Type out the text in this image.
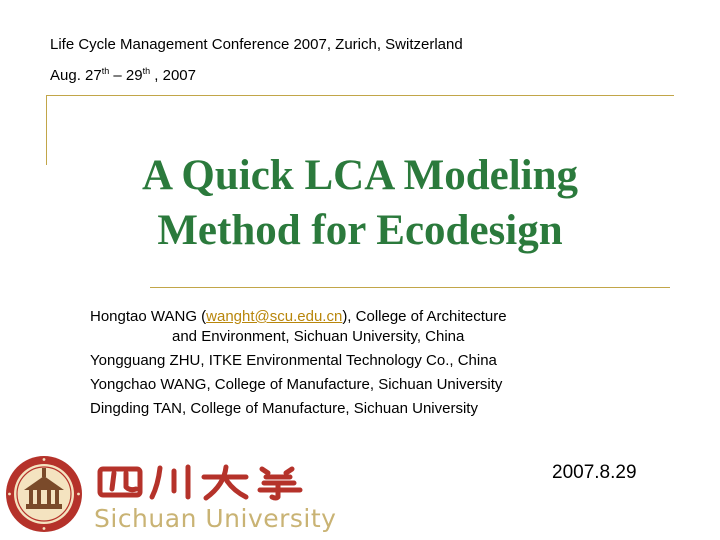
Life Cycle Management Conference 2007, Zurich, Switzerland
Aug. 27th – 29th , 2007
A Quick LCA Modeling
Method for Ecodesign
Hongtao WANG (wanght@scu.edu.cn), College of Architecture
and Environment, Sichuan University, China
Yongguang ZHU, ITKE Environmental Technology Co., China
Yongchao WANG, College of Manufacture, Sichuan University
Dingding TAN, College of Manufacture, Sichuan University
2007.8.29
Sichuan University
